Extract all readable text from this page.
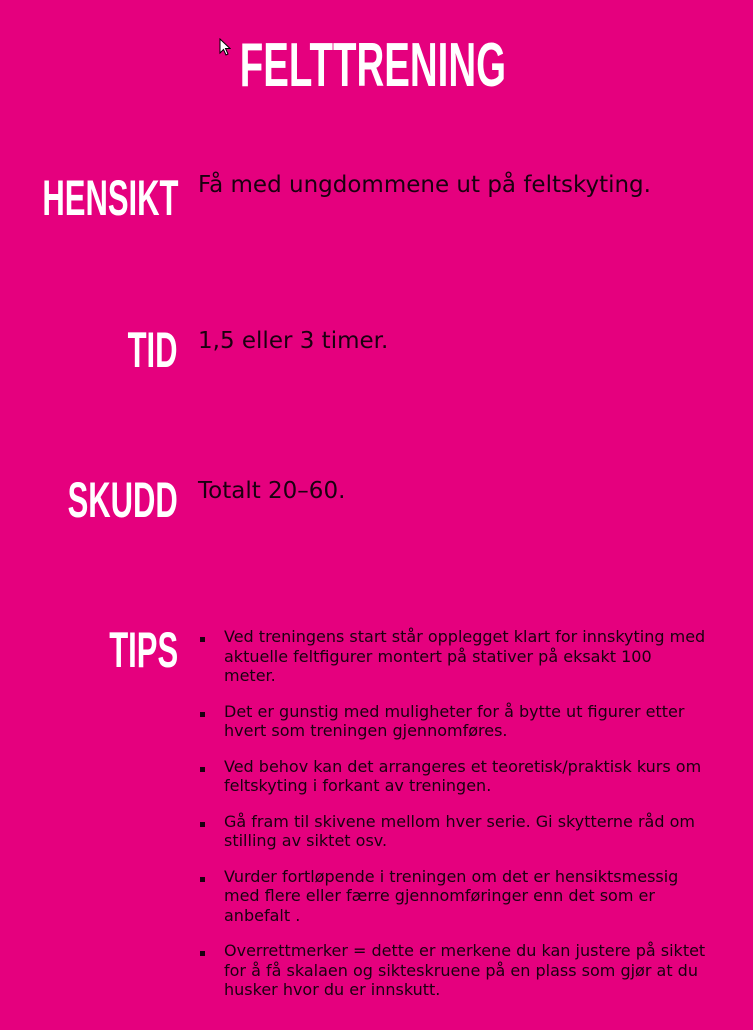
FELTTRENING
HENSIKT Få med ungdommene ut på feltskyting.

TID 1,5 eller 3 timer.

SKUDD Totalt 20–60.

TIPS	Ved treningens start står opplegget klart for innskyting med aktuelle feltfigurer montert på stativer på eksakt 100 meter.
Det er gunstig med muligheter for å bytte ut figurer etter hvert som treningen gjennomføres.
Ved behov kan det arrangeres et teoretisk/praktisk kurs om feltskyting i forkant av treningen.
Gå fram til skivene mellom hver serie. Gi skytterne råd om stilling av siktet osv.
Vurder fortløpende i treningen om det er hensiktsmessig med flere eller færre gjennomføringer enn det som er anbefalt .
Overrettmerker = dette er merkene du kan justere på siktet for å få skalaen og sikteskruene på en plass som gjør at du husker hvor du er innskutt.
